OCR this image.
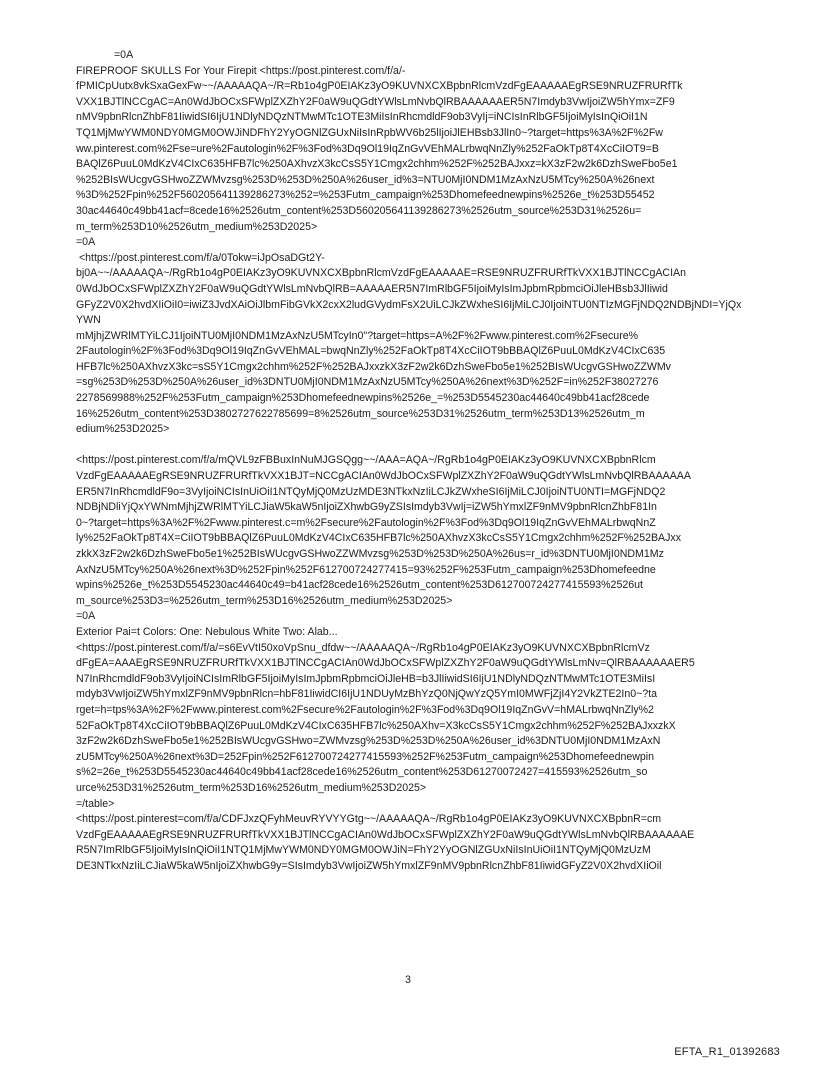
=0A

FIREPROOF SKULLS For Your Firepit <https://post.pinterest.com/f/a/-

fPMICpUutx8vkSxaGexFw~~/AAAAAQA~/R=Rb1o4gP0EIAKz3yO9KUVNXCXBpbnRlcmVzdFgEAAAAAEgRSE9NRUZFRURfTk

VXX1BJTlNCCgAC=An0WdJbOCxSFWplZXZhY2F0aW9uQGdtYWlsLmNvbQlRBAAAAAAER5N7Imdyb3VwIjoiZW5hYmx=ZF9

nMV9pbnRlcnZhbF81IiwidSI6IjU1NDlyNDQzNTMwMTc1OTE3MiIsInRhcmdldF9ob3VyIj=iNCIsInRlbGF5IjoiMyIsInQiOiI1N

TQ1MjMwYWM0NDY0MGM0OWJiNDFhY2YyOGNlZGUxNiIsInRpbWV6b25lIjoiJlEHBsb3JlIn0~?target=https%3A%2F%2Fw

ww.pinterest.com%2Fse=ure%2Fautologin%2F%3Fod%3Dq9Ol19IqZnGvVEhMALrbwqNnZly%252FaOkTp8T4XcCiIOT9=B

BAQlZ6PuuL0MdKzV4CIxC635HFB7lc%250AXhvzX3kcCsS5Y1Cmgx2chhm%252F%252BAJxxz=kX3zF2w2k6DzhSweFbo5e1

%252BIsWUcgvGSHwoZZWMvzsg%253D%253D%250A%26user_id%3=NTU0MjI0NDM1MzAxNzU5MTcy%250A%26next

%3D%252Fpin%252F560205641139286273%252=%253Futm_campaign%253Dhomefeednewpins%2526e_t%253D55452

30ac44640c49bb41acf=8cede16%2526utm_content%253D560205641139286273%2526utm_source%253D31%2526u=

m_term%253D10%2526utm_medium%253D2025>

=0A

<https://post.pinterest.com/f/a/0Tokw=iJpOsaDGt2Y-

bj0A~~/AAAAAQA~/RgRb1o4gP0EIAKz3yO9KUVNXCXBpbnRlcmVzdFgEAAAAAE=RSE9NRUZFRURfTkVXX1BJTlNCCgACIAn

0WdJbOCxSFWplZXZhY2F0aW9uQGdtYWlsLmNvbQlRB=AAAAAER5N7ImRlbGF5IjoiMyIsImJpbmRpbmciOiJleHBsb3JlIiwid

GFyZ2V0X2hvdXIiOiI0=iwiZ3JvdXAiOiJlbmFibGVkX2cxX2ludGVydmFsX2UiLCJkZWxheSI6IjMiLCJ0IjoiNTU0NTIzMGFjNDQ2NDBjNDI=YjQxYWN

mMjhjZWRlMTYiLCJ1IjoiNTU0MjI0NDM1MzAxNzU5MTcyIn0"?target=https=A%2F%2Fwww.pinterest.com%2Fsecure%

2Fautologin%2F%3Fod%3Dq9Ol19IqZnGvVEhMAL=bwqNnZly%252FaOkTp8T4XcCiIOT9bBBAQlZ6PuuL0MdKzV4CIxC635

HFB7lc%250AXhvzX3kc=sS5Y1Cmgx2chhm%252F%252BAJxxzkX3zF2w2k6DzhSweFbo5e1%252BIsWUcgvGSHwoZZWMv

=sg%253D%253D%250A%26user_id%3DNTU0MjI0NDM1MzAxNzU5MTcy%250A%26next%3D%252F=in%252F38027276

2278569988%252F%253Futm_campaign%253Dhomefeednewpins%2526e_=%253D5545230ac44640c49bb41acf28cede

16%2526utm_content%253D3802727622785699=8%2526utm_source%253D31%2526utm_term%253D13%2526utm_m

edium%253D2025>

<https://post.pinterest.com/f/a/mQVL9zFBBuxInNuMJGSQgg~~/AAA=AQA~/RgRb1o4gP0EIAKz3yO9KUVNXCXBpbnRlcm

VzdFgEAAAAAEgRSE9NRUZFRURfTkVXX1BJT=NCCgACIAn0WdJbOCxSFWplZXZhY2F0aW9uQGdtYWlsLmNvbQlRBAAAAAA

ER5N7InRhcmdldF9o=3VyIjoiNCIsInUiOiI1NTQyMjQ0MzUzMDE3NTkxNzIiLCJkZWxheSI6IjMiLCJ0IjoiNTU0NTI=MGFjNDQ2

NDBjNDliYjQxYWNmMjhjZWRlMTYiLCJiaW5kaW5nIjoiZXhwbG9yZSIsImdyb3VwIj=iZW5hYmxlZF9nMV9pbnRlcnZhbF81In

0~?target=https%3A%2F%2Fwww.pinterest.c=m%2Fsecure%2Fautologin%2F%3Fod%3Dq9Ol19IqZnGvVEhMALrbwqNnZ

ly%252FaOkTp8T4X=CiIOT9bBBAQlZ6PuuL0MdKzV4CIxC635HFB7lc%250AXhvzX3kcCsS5Y1Cmgx2chhm%252F%252BAJxx

zkkX3zF2w2k6DzhSweFbo5e1%252BIsWUcgvGSHwoZZWMvzsg%253D%253D%250A%26us=r_id%3DNTU0MjI0NDM1Mz

AxNzU5MTcy%250A%26next%3D%252Fpin%252F612700724277415=93%252F%253Futm_campaign%253Dhomefeedne

wpins%2526e_t%253D5545230ac44640c49=b41acf28cede16%2526utm_content%253D612700724277415593%2526ut

m_source%253D3=%2526utm_term%253D16%2526utm_medium%253D2025>

=0A

Exterior Pai=t Colors: One: Nebulous White Two: Alab...

<https://post.pinterest.com/f/a/=s6EvVtI50xoVpSnu_dfdw~~/AAAAAQA~/RgRb1o4gP0EIAKz3yO9KUVNXCXBpbnRlcmVz

dFgEA=AAAEgRSE9NRUZFRURfTkVXX1BJTlNCCgACIAn0WdJbOCxSFWplZXZhY2F0aW9uQGdtYWlsLmNv=QlRBAAAAAAER5

N7InRhcmdldF9ob3VyIjoiNCIsImRlbGF5IjoiMyIsImJpbmRpbmciOiJleHB=b3JlIiwidSI6IjU1NDlyNDQzNTMwMTc1OTE3MiIsI

mdyb3VwIjoiZW5hYmxlZF9nMV9pbnRlcn=hbF81IiwidCI6IjU1NDUyMzBhYzQ0NjQwYzQ5YmI0MWFjZjI4Y2VkZTE2In0~?ta

rget=h=tps%3A%2F%2Fwww.pinterest.com%2Fsecure%2Fautologin%2F%3Fod%3Dq9Ol19IqZnGvV=hMALrbwqNnZly%2

52FaOkTp8T4XcCiIOT9bBBAQlZ6PuuL0MdKzV4CIxC635HFB7lc%250AXhv=X3kcCsS5Y1Cmgx2chhm%252F%252BAJxxzkX

3zF2w2k6DzhSweFbo5e1%252BIsWUcgvGSHwo=ZWMvzsg%253D%253D%250A%26user_id%3DNTU0MjI0NDM1MzAxN

zU5MTcy%250A%26next%3D=252Fpin%252F612700724277415593%252F%253Futm_campaign%253Dhomefeednewpin

s%2=26e_t%253D5545230ac44640c49bb41acf28cede16%2526utm_content%253D61270072427=415593%2526utm_so

urce%253D31%2526utm_term%253D16%2526utm_medium%253D2025>

=/table>

<https://post.pinterest=com/f/a/CDFJxzQFyhMeuvRYVYYGtg~~/AAAAAQA~/RgRb1o4gP0EIAKz3yO9KUVNXCXBpbnR=cm

VzdFgEAAAAAEgRSE9NRUZFRURfTkVXX1BJTlNCCgACIAn0WdJbOCxSFWplZXZhY2F0aW9uQGdtYWlsLmNvbQlRBAAAAAAE

R5N7ImRlbGF5IjoiMyIsInQiOiI1NTQ1MjMwYWM0NDY0MGM0OWJiN=FhY2YyOGNlZGUxNiIsInUiOiI1NTQyMjQ0MzUzM

DE3NTkxNzIiLCJiaW5kaW5nIjoiZXhwbG9y=SIsImdyb3VwIjoiZW5hYmxlZF9nMV9pbnRlcnZhbF81IiwidGFyZ2V0X2hvdXIiOil

3
EFTA_R1_01392683
